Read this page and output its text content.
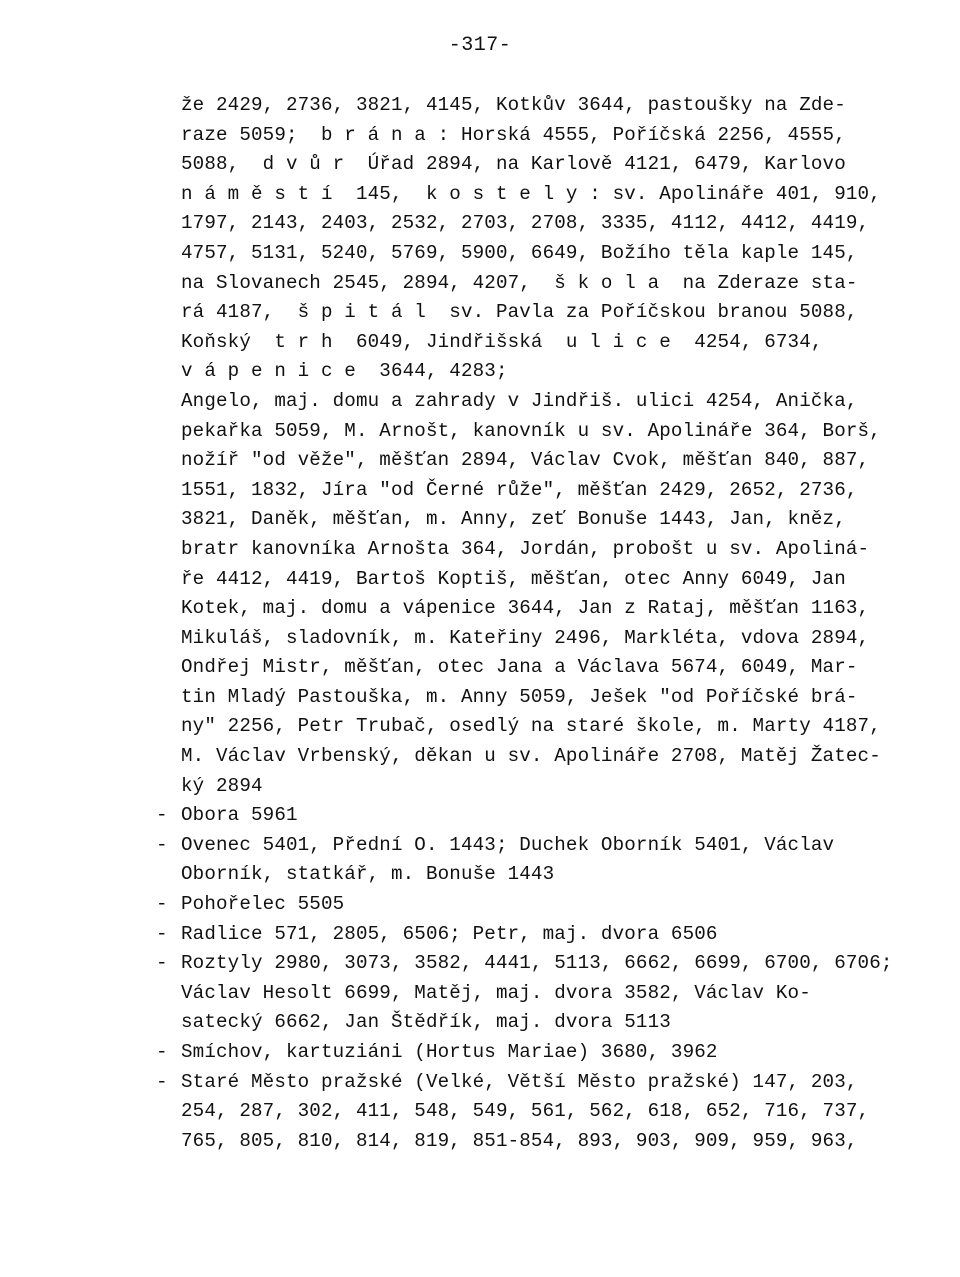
-317-
že 2429, 2736, 3821, 4145, Kotkův 3644, pastoušky na Zde-
raze 5059;  b r á n a : Horská 4555, Poříčská 2256, 4555,
5088,  d v ů r  Úřad 2894, na Karlově 4121, 6479, Karlovo
n á m ě s t í  145,  k o s t e l y : sv. Apolináře 401, 910,
1797, 2143, 2403, 2532, 2703, 2708, 3335, 4112, 4412, 4419,
4757, 5131, 5240, 5769, 5900, 6649, Božího těla kaple 145,
na Slovanech 2545, 2894, 4207,  š k o l a  na Zderaze sta-
rá 4187,  š p i t á l  sv. Pavla za Poříčskou branou 5088,
Koňský  t r h  6049, Jindřišská  u l i c e  4254, 6734,
v á p e n i c e  3644, 4283;
Angelo, maj. domu a zahrady v Jindřiš. ulici 4254, Anička,
pekařka 5059, M. Arnošt, kanovník u sv. Apolináře 364, Borš,
nožíř "od věže", měšťan 2894, Václav Cvok, měšťan 840, 887,
1551, 1832, Jíra "od Černé růže", měšťan 2429, 2652, 2736,
3821, Daněk, měšťan, m. Anny, zeť Bonuše 1443, Jan, kněz,
bratr kanovníka Arnošta 364, Jordán, probošt u sv. Apoliná-
ře 4412, 4419, Bartoš Koptiš, měšťan, otec Anny 6049, Jan
Kotek, maj. domu a vápenice 3644, Jan z Rataj, měšťan 1163,
Mikuláš, sladovník, m. Kateřiny 2496, Markléta, vdova 2894,
Ondřej Mistr, měšťan, otec Jana a Václava 5674, 6049, Mar-
tin Mladý Pastouška, m. Anny 5059, Ješek "od Poříčské brá-
ny" 2256, Petr Trubač, osedlý na staré škole, m. Marty 4187,
M. Václav Vrbenský, děkan u sv. Apolináře 2708, Matěj Žatec-
ký 2894
- Obora 5961
- Ovenec 5401, Přední O. 1443; Duchek Oborník 5401, Václav
Oborník, statkář, m. Bonuše 1443
- Pohořelec 5505
- Radlice 571, 2805, 6506; Petr, maj. dvora 6506
- Roztyly 2980, 3073, 3582, 4441, 5113, 6662, 6699, 6700, 6706;
Václav Hesolt 6699, Matěj, maj. dvora 3582, Václav Ko-
satecký 6662, Jan Štědřík, maj. dvora 5113
- Smíchov, kartuziáni (Hortus Mariae) 3680, 3962
- Staré Město pražské (Velké, Větší Město pražské) 147, 203,
254, 287, 302, 411, 548, 549, 561, 562, 618, 652, 716, 737,
765, 805, 810, 814, 819, 851-854, 893, 903, 909, 959, 963,
